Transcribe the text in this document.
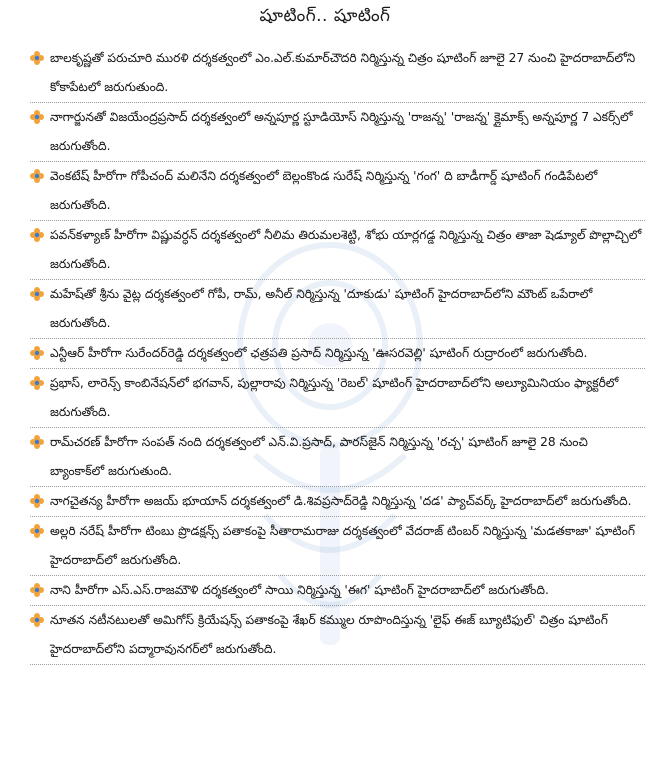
షూటింగ్.. షూటింగ్
బాలకృష్ణతో పరుచూరి మురళి దర్శకత్వంలో ఎం.ఎల్.కుమార్‌చౌదరి నిర్మిస్తున్న చిత్రం షూటింగ్ జూలై 27 నుంచి హైదరాబాద్‌లోని కోకాపేటలో జరుగుతుంది.
నాగార్జునతో విజయేంద్రప్రసాద్ దర్శకత్వంలో అన్నపూర్ణ స్టూడియోస్ నిర్మిస్తున్న 'రాజన్న' 'రాజన్న' క్లైమాక్స్ అన్నపూర్ణ 7 ఎకర్స్‌లో జరుగుతోంది.
వెంకటేష్ హీరోగా గోపీచంద్ మలినేని దర్శకత్వంలో బెల్లంకొండ సురేష్ నిర్మిస్తున్న 'గంగ' ది బాడీగార్డ్ షూటింగ్ గండిపేటలో జరుగుతోంది.
పవన్‌కళ్యాణ్ హీరోగా విష్ణువర్ధన్ దర్శకత్వంలో నీలిమ తిరుమలశెట్టి, శోభు యార్లగడ్డ నిర్మిస్తున్న చిత్రం తాజా షెడ్యూల్ పొల్లాచ్చిలో జరుగుతోంది.
మహేష్‌తో శ్రీను వైట్ల దర్శకత్వంలో గోపీ, రామ్, అనీల్ నిర్మిస్తున్న 'దూకుడు' షూటింగ్ హైదరాబాద్‌లోని మౌంట్ ఒపేరాలో జరుగుతోంది.
ఎన్టీఆర్ హీరోగా సురేందర్‌రెడ్డి దర్శకత్వంలో ఛత్రపతి ప్రసాద్ నిర్మిస్తున్న 'ఊసరవెల్లి' షూటింగ్ రుద్రారంలో జరుగుతోంది.
ప్రభాస్, లారెన్స్ కాంబినేషన్‌లో భగవాన్, పుల్లారావు నిర్మిస్తున్న 'రెబల్' షూటింగ్ హైదరాబాద్‌లోని అల్యూమినియం ఫ్యాక్టరీలో జరుగుతోంది.
రామ్‌చరణ్ హీరోగా సంపత్ నంది దర్శకత్వంలో ఎన్.వి.ప్రసాద్, పారస్‌జైన్ నిర్మిస్తున్న 'రచ్చ' షూటింగ్ జూలై 28 నుంచి బ్యాంకాక్‌లో జరుగుతుంది.
నాగచైతన్య హీరోగా అజయ్ భూయాన్ దర్శకత్వంలో డి.శివప్రసాద్‌రెడ్డి నిర్మిస్తున్న 'దడ' ప్యాచ్‌వర్క్ హైదరాబాద్‌లో జరుగుతోంది.
అల్లరి నరేష్ హీరోగా టింబు ప్రొడక్షన్స్ పతాకంపై సీతారామరాజు దర్శకత్వంలో వేదరాజ్ టింబర్ నిర్మిస్తున్న 'మడతకాజా' షూటింగ్ హైదరాబాద్‌లో జరుగుతోంది.
నాని హీరోగా ఎస్.ఎస్.రాజమౌళి దర్శకత్వంలో సాయి నిర్మిస్తున్న 'ఈగ' షూటింగ్ హైదరాబాద్‌లో జరుగుతోంది.
నూతన నటీనటులతో అమిగోస్ క్రియేషన్స్ పతాకంపై శేఖర్ కమ్ముల రూపొందిస్తున్న 'లైఫ్ ఈజ్ బ్యూటిఫుల్' చిత్రం షూటింగ్ హైదరాబాద్‌లోని పద్మారావునగర్‌లో జరుగుతోంది.
